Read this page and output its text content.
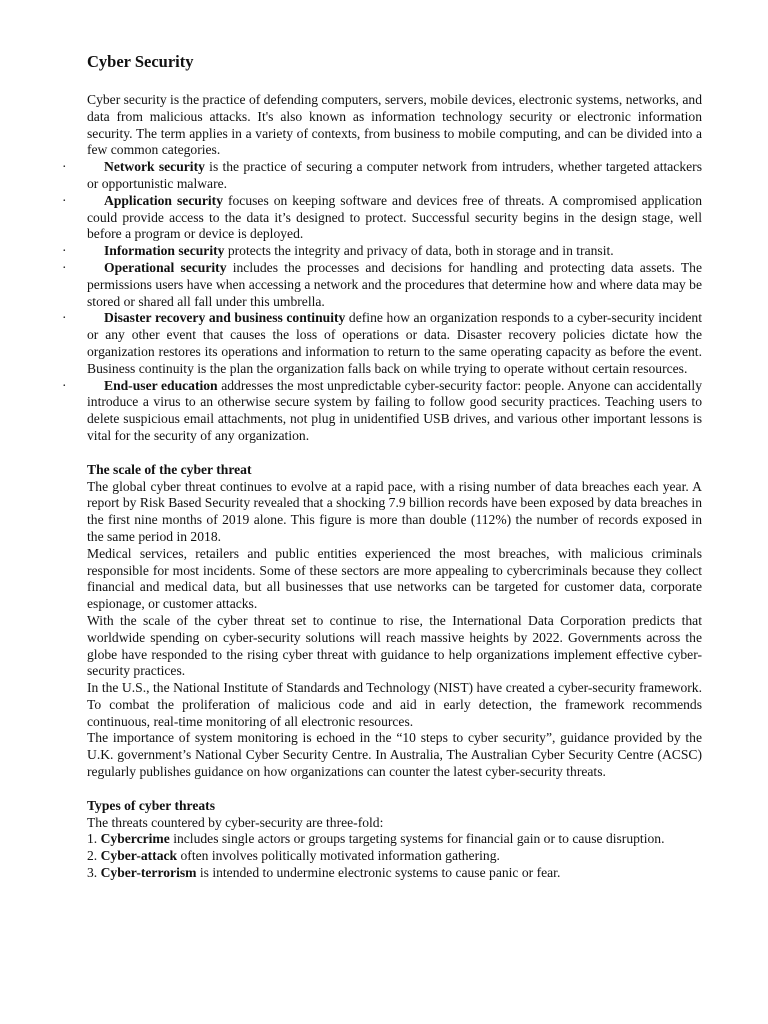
Cyber Security

Cyber security is the practice of defending computers, servers, mobile devices, electronic systems, networks, and data from malicious attacks. It's also known as information technology security or electronic information security. The term applies in a variety of contexts, from business to mobile computing, and can be divided into a few common categories.

·	Network security is the practice of securing a computer network from intruders, whether targeted attackers or opportunistic malware.
·	Application security focuses on keeping software and devices free of threats. A compromised application could provide access to the data it’s designed to protect. Successful security begins in the design stage, well before a program or device is deployed.
·	Information security protects the integrity and privacy of data, both in storage and in transit.
·	Operational security includes the processes and decisions for handling and protecting data assets. The permissions users have when accessing a network and the procedures that determine how and where data may be stored or shared all fall under this umbrella.
·	Disaster recovery and business continuity define how an organization responds to a cyber-security incident or any other event that causes the loss of operations or data. Disaster recovery policies dictate how the organization restores its operations and information to return to the same operating capacity as before the event. Business continuity is the plan the organization falls back on while trying to operate without certain resources.
·	End-user education addresses the most unpredictable cyber-security factor: people. Anyone can accidentally introduce a virus to an otherwise secure system by failing to follow good security practices. Teaching users to delete suspicious email attachments, not plug in unidentified USB drives, and various other important lessons is vital for the security of any organization.
The scale of the cyber threat

The global cyber threat continues to evolve at a rapid pace, with a rising number of data breaches each year. A report by Risk Based Security revealed that a shocking 7.9 billion records have been exposed by data breaches in the first nine months of 2019 alone. This figure is more than double (112%) the number of records exposed in the same period in 2018.

Medical services, retailers and public entities experienced the most breaches, with malicious criminals responsible for most incidents. Some of these sectors are more appealing to cybercriminals because they collect financial and medical data, but all businesses that use networks can be targeted for customer data, corporate espionage, or customer attacks.

With the scale of the cyber threat set to continue to rise, the International Data Corporation predicts that worldwide spending on cyber-security solutions will reach massive heights by 2022. Governments across the globe have responded to the rising cyber threat with guidance to help organizations implement effective cyber-security practices.

In the U.S., the National Institute of Standards and Technology (NIST) have created a cyber-security framework. To combat the proliferation of malicious code and aid in early detection, the framework recommends continuous, real-time monitoring of all electronic resources.

The importance of system monitoring is echoed in the “10 steps to cyber security”, guidance provided by the U.K. government’s National Cyber Security Centre. In Australia, The Australian Cyber Security Centre (ACSC) regularly publishes guidance on how organizations can counter the latest cyber-security threats.

Types of cyber threats

The threats countered by cyber-security are three-fold:

1. Cybercrime includes single actors or groups targeting systems for financial gain or to cause disruption.
2. Cyber-attack often involves politically motivated information gathering.
3. Cyber-terrorism is intended to undermine electronic systems to cause panic or fear.
